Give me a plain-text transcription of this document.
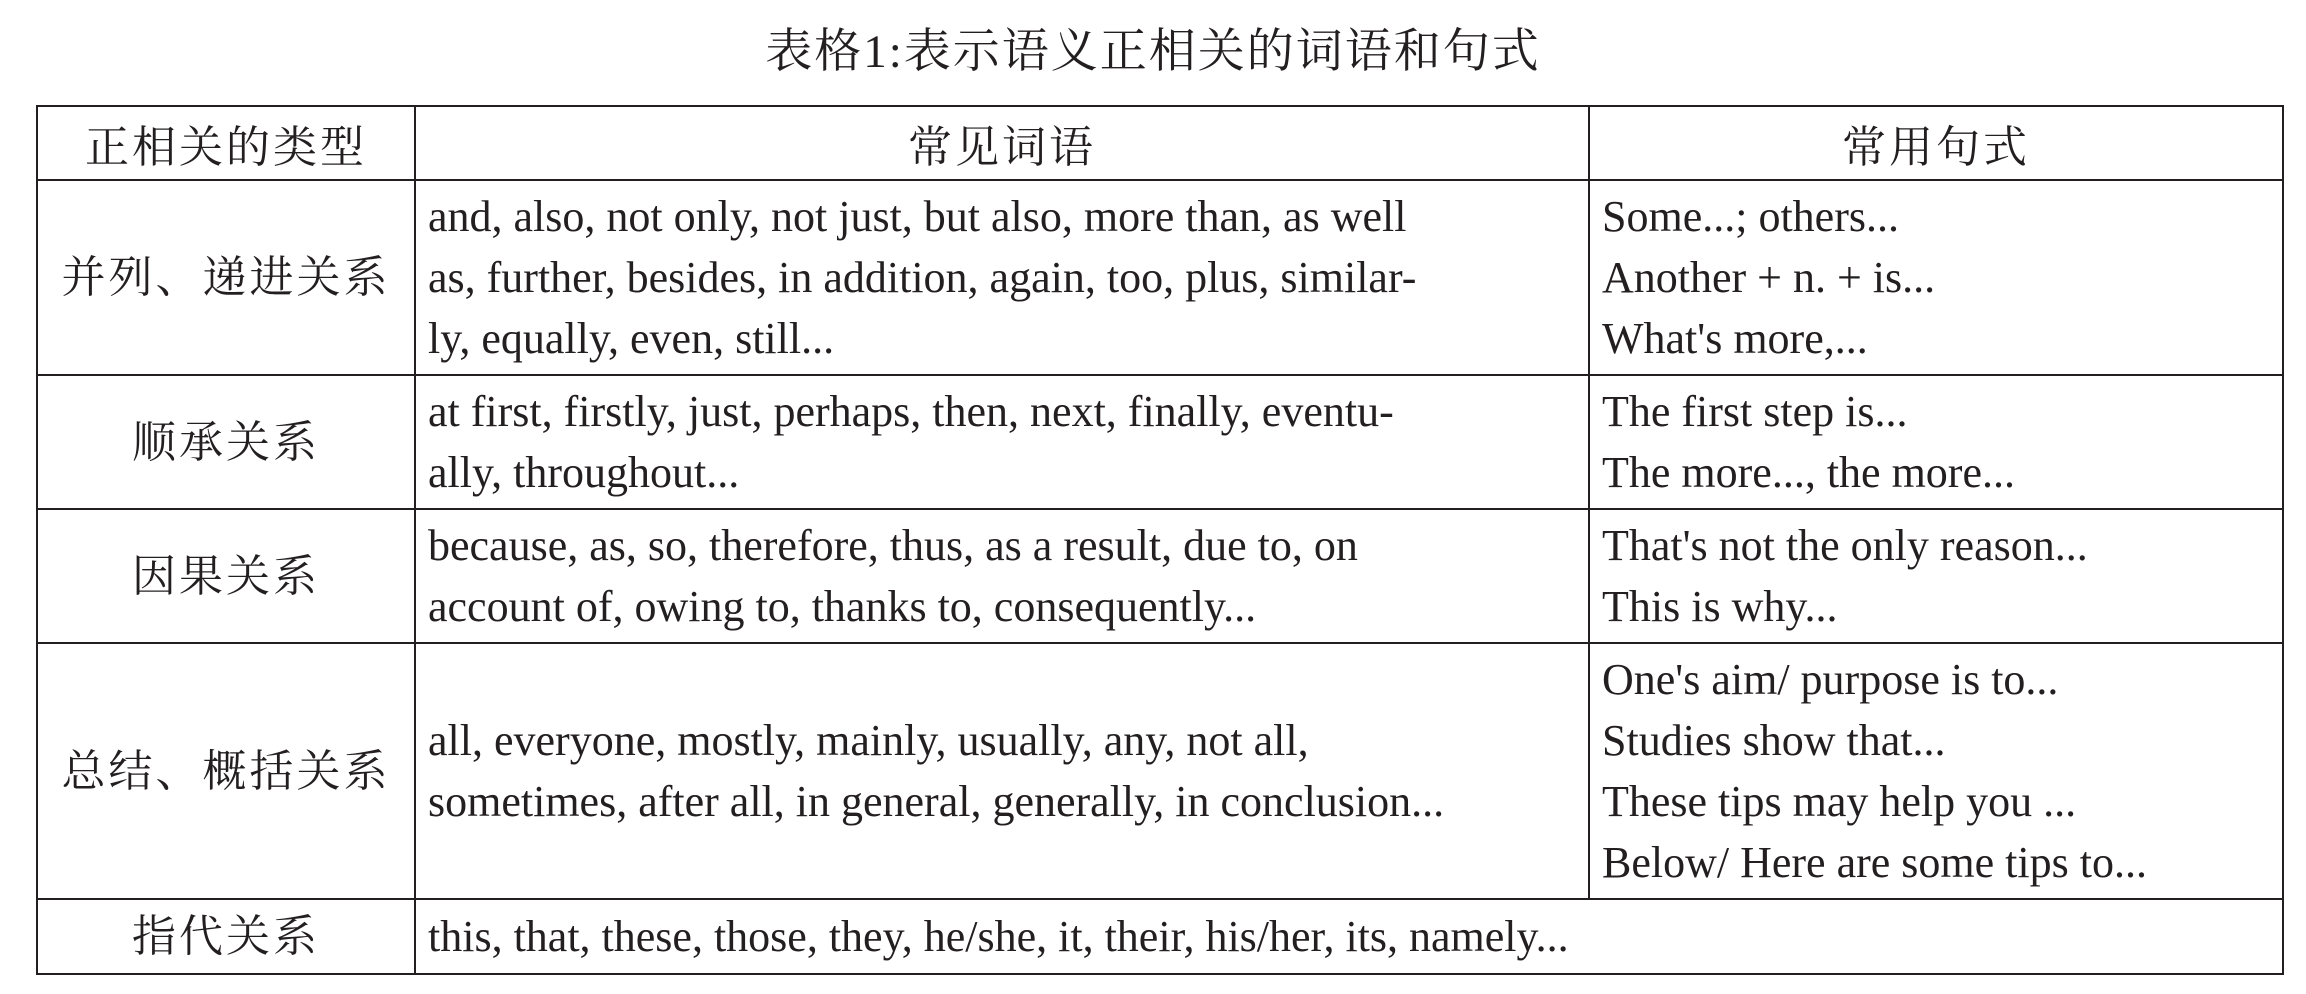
表格1:表示语义正相关的词语和句式
正相关的类型	常见词语	常用句式
并列、递进关系	and, also, not only, not just, but also, more than, as well
as, further, besides, in addition, again, too, plus, similar-
ly, equally, even, still...	Some...; others...
Another + n. + is...
What's more,...

顺承关系	at first, firstly, just, perhaps, then, next, finally, eventu-
ally, throughout...	The first step is...
The more..., the more...

因果关系	because, as, so, therefore, thus, as a result, due to, on
account of, owing to, thanks to, consequently...	That's not the only reason...
This is why...

总结、概括关系	all, everyone, mostly, mainly, usually, any, not all,
sometimes, after all, in general, generally, in conclusion...	One's aim/ purpose is to...
Studies show that...
These tips may help you ...
Below/ Here are some tips to...

指代关系	this, that, these, those, they, he/she, it, their, his/her, its, namely...	
